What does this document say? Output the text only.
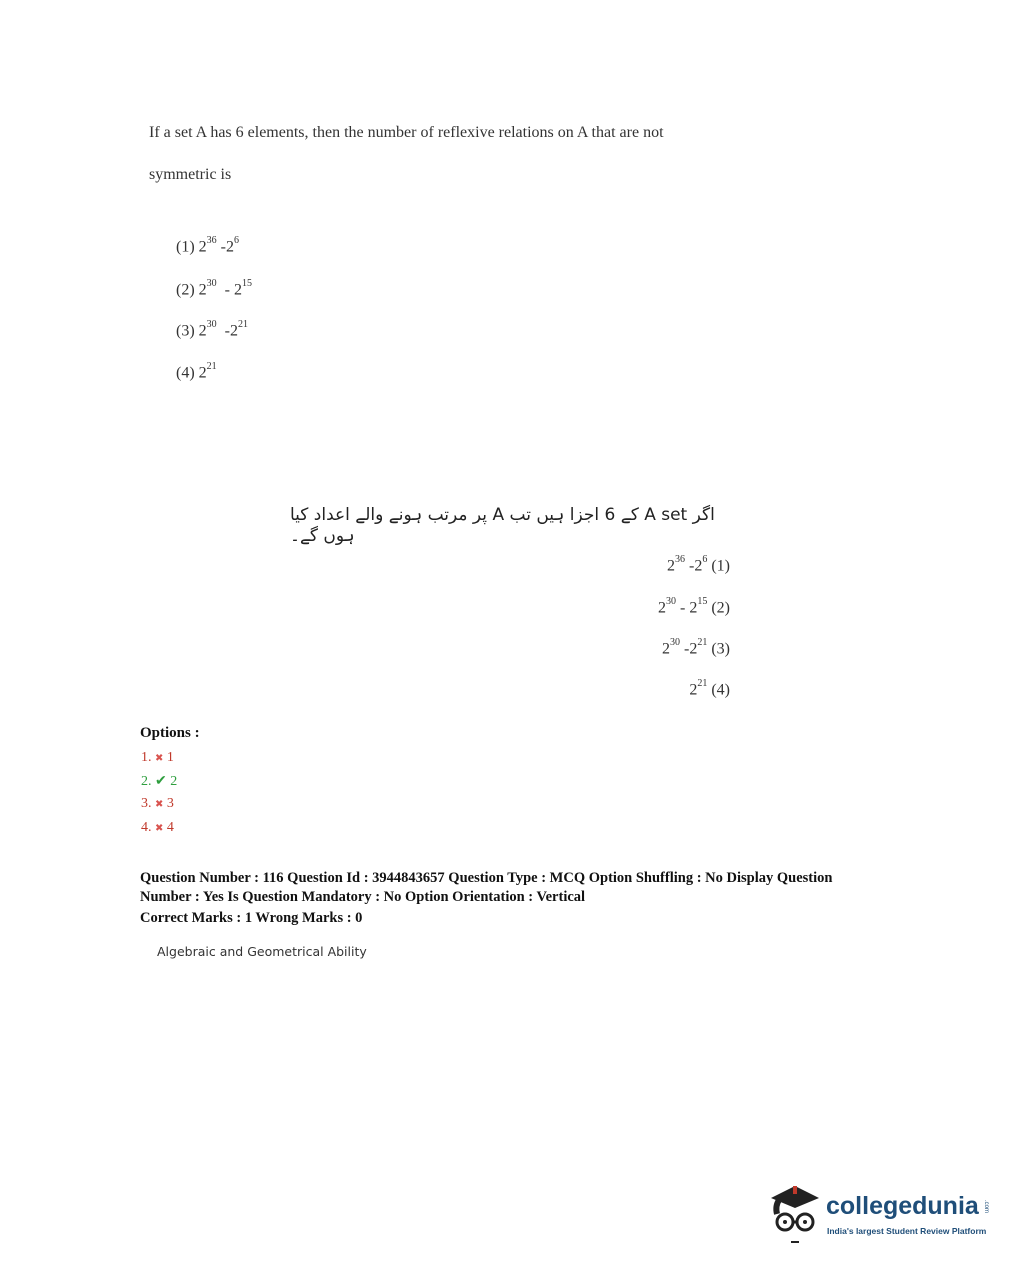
If a set A has 6 elements, then the number of reflexive relations on A that are not
symmetric is
(1) $2^{36}$ $-2^6$
(2) $2^{30} - 2^{15}$
(3) $2^{30}$  $-2^{21}$
(4) $2^{21}$
اگر A set کے 6 اجزا ہیں تب A پر مرتب ہونے والے اعداد کیا ہوں گے۔
$2^{36}$ $-2^6$ (1)
$2^{30} - 2^{15}$ (2)
$2^{30}$ $-2^{21}$ (3)
$2^{21}$ (4)
Options :
1. ✖ 1
2. ✔ 2
3. ✖ 3
4. ✖ 4
Question Number : 116 Question Id : 3944843657 Question Type : MCQ Option Shuffling : No Display Question
Number : Yes Is Question Mandatory : No Option Orientation : Vertical
Correct Marks : 1 Wrong Marks : 0
Algebraic and Geometrical Ability
collegedunia .com
India's largest Student Review Platform
